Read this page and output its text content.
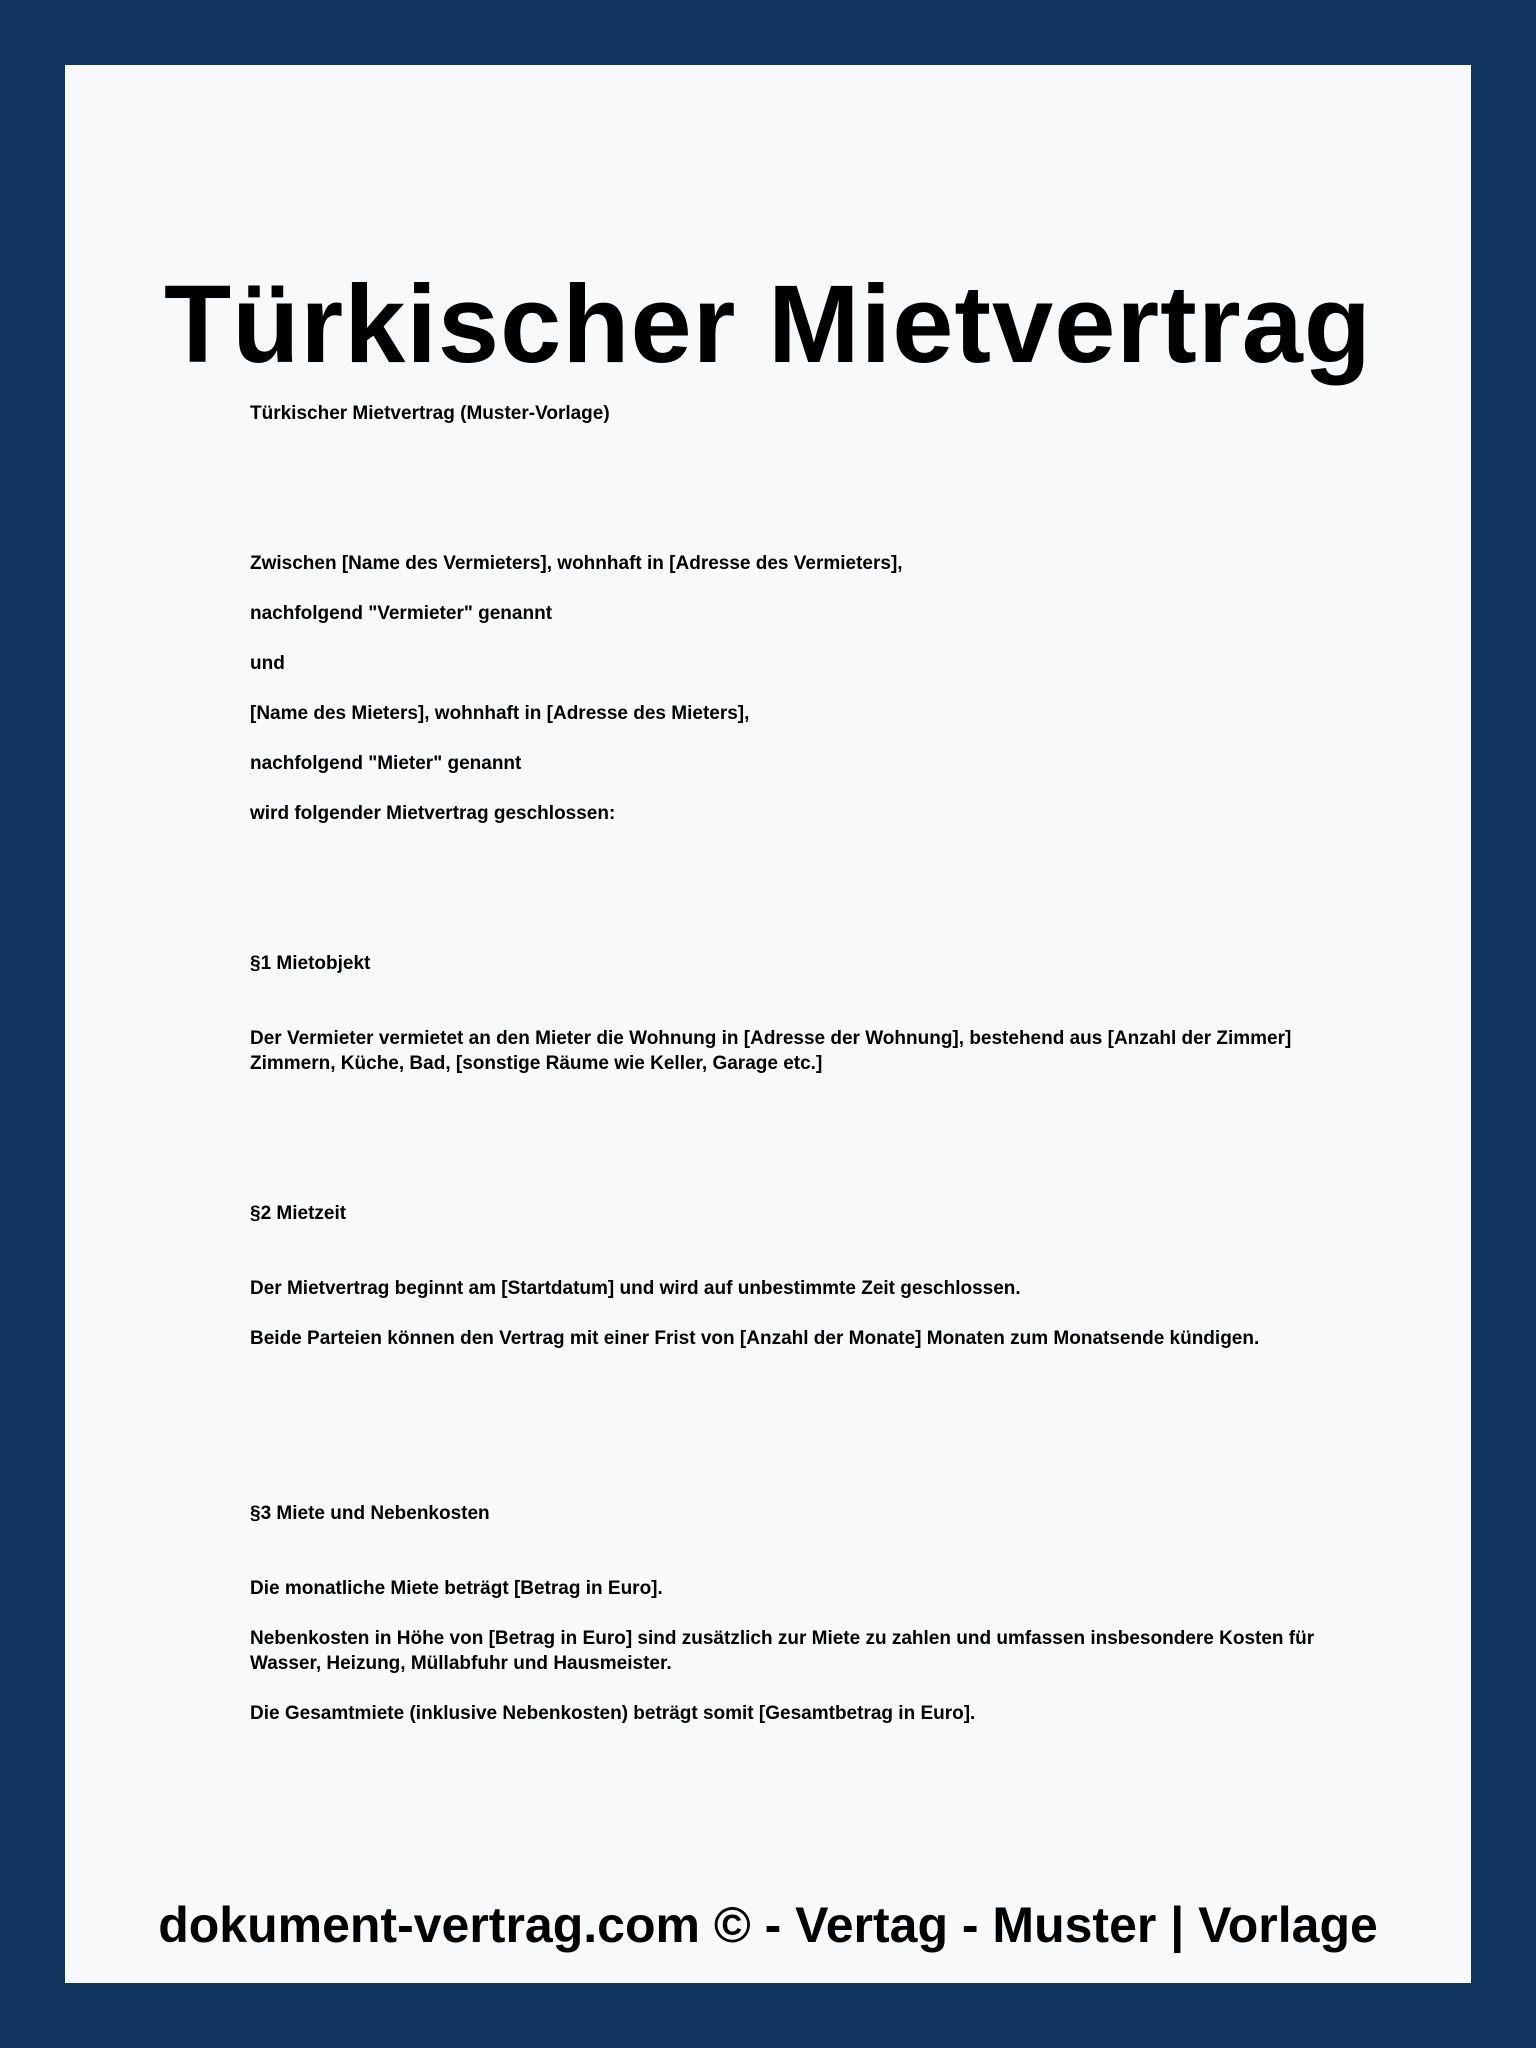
Türkischer Mietvertrag

Türkischer Mietvertrag (Muster-Vorlage)

Zwischen [Name des Vermieters], wohnhaft in [Adresse des Vermieters],

nachfolgend "Vermieter" genannt

und

[Name des Mieters], wohnhaft in [Adresse des Mieters],

nachfolgend "Mieter" genannt

wird folgender Mietvertrag geschlossen:

§1 Mietobjekt

Der Vermieter vermietet an den Mieter die Wohnung in [Adresse der Wohnung], bestehend aus [Anzahl der Zimmer] Zimmern, Küche, Bad, [sonstige Räume wie Keller, Garage etc.]

§2 Mietzeit

Der Mietvertrag beginnt am [Startdatum] und wird auf unbestimmte Zeit geschlossen.

Beide Parteien können den Vertrag mit einer Frist von [Anzahl der Monate] Monaten zum Monatsende kündigen.

§3 Miete und Nebenkosten

Die monatliche Miete beträgt [Betrag in Euro].

Nebenkosten in Höhe von [Betrag in Euro] sind zusätzlich zur Miete zu zahlen und umfassen insbesondere Kosten für Wasser, Heizung, Müllabfuhr und Hausmeister.

Die Gesamtmiete (inklusive Nebenkosten) beträgt somit [Gesamtbetrag in Euro].

dokument-vertrag.com © - Vertag - Muster | Vorlage
